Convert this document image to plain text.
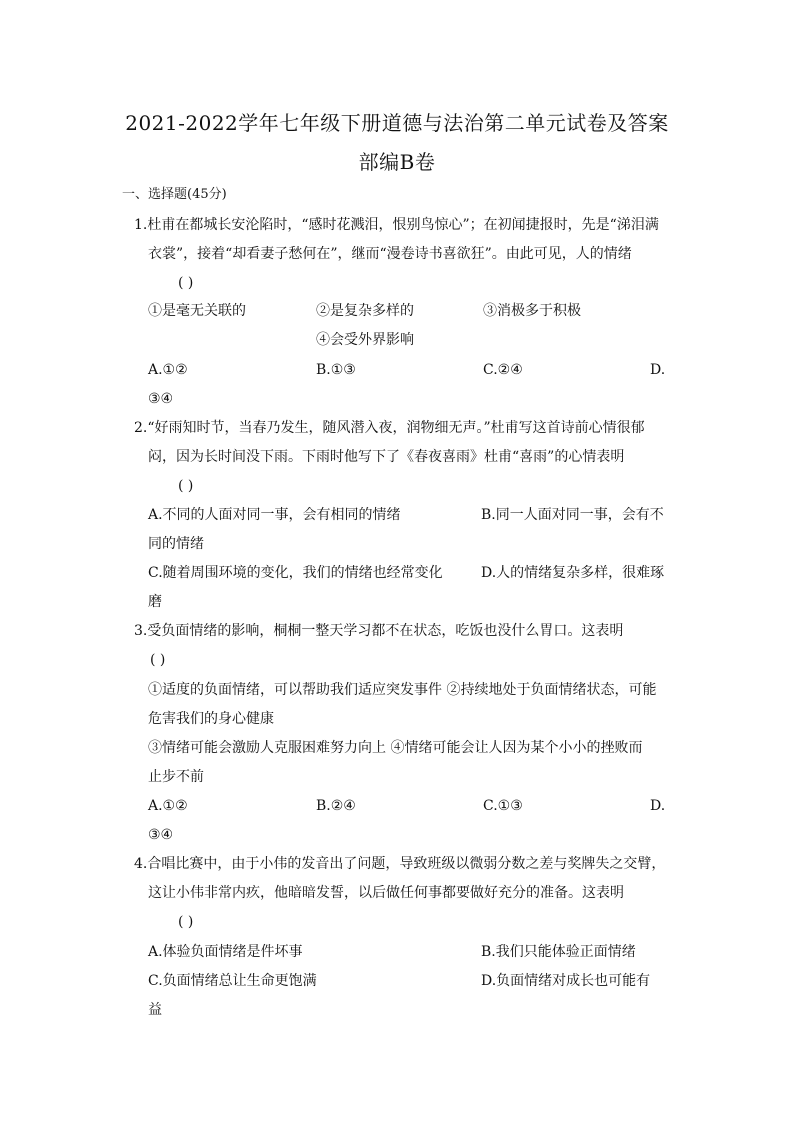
2021-2022学年七年级下册道德与法治第二单元试卷及答案
部编B卷
一、选择题(45分)
1.杜甫在都城长安沦陷时，“感时花溅泪，恨别鸟惊心”；在初闻捷报时，先是“涕泪满
衣裳”，接着“却看妻子愁何在”，继而“漫卷诗书喜欲狂”。由此可见，人的情绪
( )
①是毫无关联的	②是复杂多样的	③消极多于积极
④会受外界影响
A.①②	B.①③	C.②④	D.
③④
2.“好雨知时节，当春乃发生，随风潜入夜，润物细无声。”杜甫写这首诗前心情很郁
闷，因为长时间没下雨。下雨时他写下了《春夜喜雨》杜甫“喜雨”的心情表明
( )
A.不同的人面对同一事，会有相同的情绪	B.同一人面对同一事，会有不
同的情绪
C.随着周围环境的变化，我们的情绪也经常变化	D.人的情绪复杂多样，很难琢
磨
3.受负面情绪的影响，桐桐一整天学习都不在状态，吃饭也没什么胃口。这表明
( )
①适度的负面情绪，可以帮助我们适应突发事件 ②持续地处于负面情绪状态，可能
危害我们的身心健康
③情绪可能会激励人克服困难努力向上 ④情绪可能会让人因为某个小小的挫败而
止步不前
A.①②	B.②④	C.①③	D.
③④
4.合唱比赛中，由于小伟的发音出了问题，导致班级以微弱分数之差与奖牌失之交臂，
这让小伟非常内疚，他暗暗发誓，以后做任何事都要做好充分的准备。这表明
( )
A.体验负面情绪是件坏事	B.我们只能体验正面情绪
C.负面情绪总让生命更饱满	D.负面情绪对成长也可能有
益
